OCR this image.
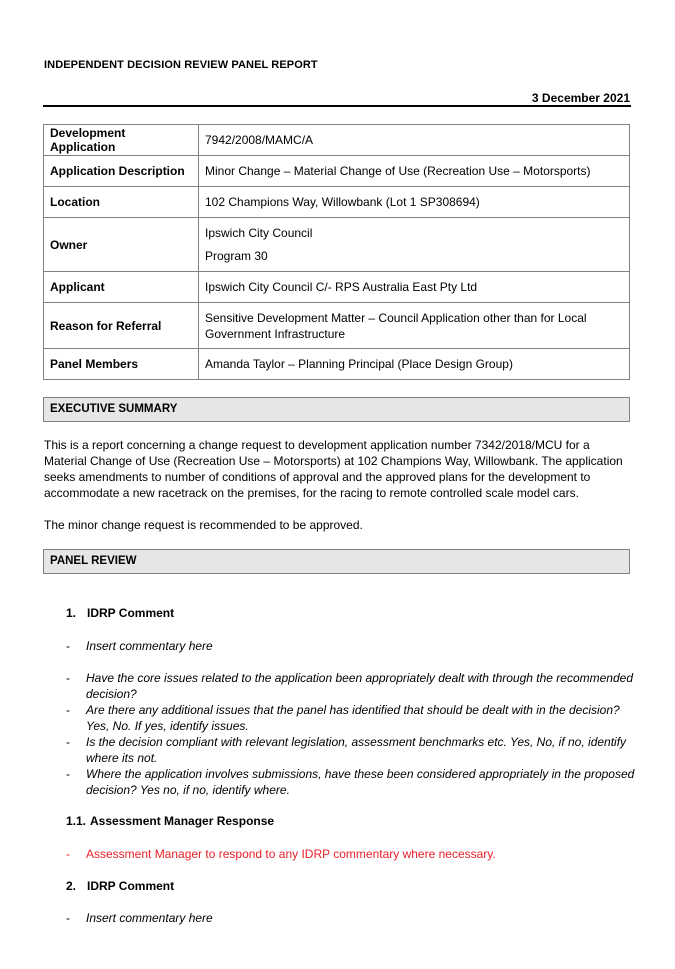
INDEPENDENT DECISION REVIEW PANEL REPORT
3 December 2021
Development Application	7942/2008/MAMC/A
Application Description	Minor Change – Material Change of Use (Recreation Use – Motorsports)
Location	102 Champions Way, Willowbank (Lot 1 SP308694)
Owner	Ipswich City Council
Program 30

Applicant	Ipswich City Council C/- RPS Australia East Pty Ltd
Reason for Referral	Sensitive Development Matter – Council Application other than for Local Government Infrastructure
Panel Members	Amanda Taylor – Planning Principal (Place Design Group)
EXECUTIVE SUMMARY
This is a report concerning a change request to development application number 7342/2018/MCU for a Material Change of Use (Recreation Use – Motorsports) at 102 Champions Way, Willowbank. The application seeks amendments to number of conditions of approval and the approved plans for the development to accommodate a new racetrack on the premises, for the racing to remote controlled scale model cars.
The minor change request is recommended to be approved.
PANEL REVIEW
1. IDRP Comment
- Insert commentary here
- Have the core issues related to the application been appropriately dealt with through the recommended decision?
- Are there any additional issues that the panel has identified that should be dealt with in the decision? Yes, No. If yes, identify issues.
- Is the decision compliant with relevant legislation, assessment benchmarks etc. Yes, No, if no, identify where its not.
- Where the application involves submissions, have these been considered appropriately in the proposed decision? Yes no, if no, identify where.
1.1. Assessment Manager Response
- Assessment Manager to respond to any IDRP commentary where necessary.
2. IDRP Comment
- Insert commentary here
